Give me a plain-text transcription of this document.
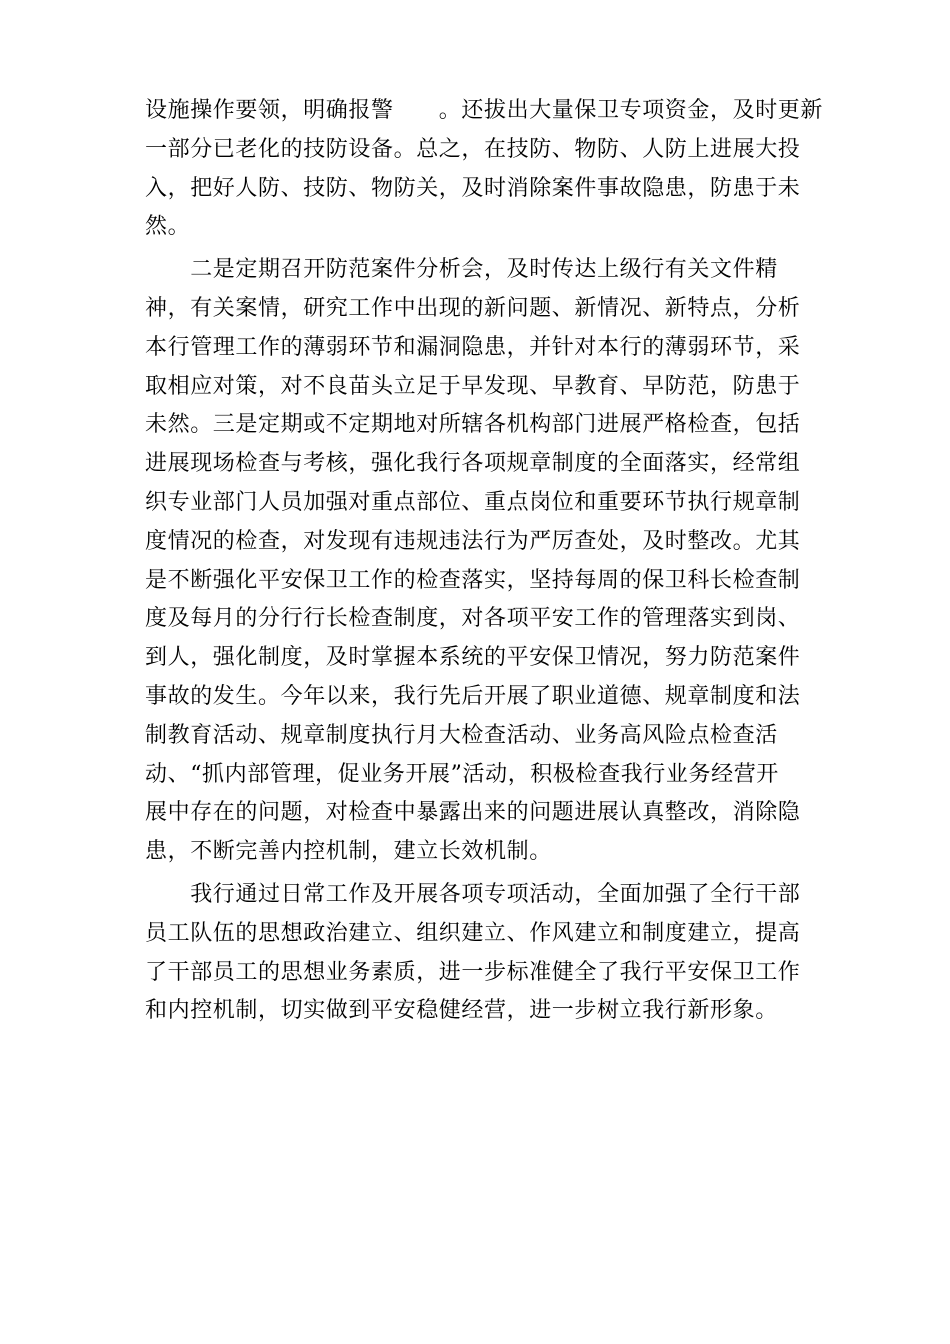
设施操作要领，明确报警　　。还拔出大量保卫专项资金，及时更新
一部分已老化的技防设备。总之，在技防、物防、人防上进展大投
入，把好人防、技防、物防关，及时消除案件事故隐患，防患于未
然。
　　二是定期召开防范案件分析会，及时传达上级行有关文件精
神，有关案情，研究工作中出现的新问题、新情况、新特点，分析
本行管理工作的薄弱环节和漏洞隐患，并针对本行的薄弱环节，采
取相应对策，对不良苗头立足于早发现、早教育、早防范，防患于
未然。三是定期或不定期地对所辖各机构部门进展严格检查，包括
进展现场检查与考核，强化我行各项规章制度的全面落实，经常组
织专业部门人员加强对重点部位、重点岗位和重要环节执行规章制
度情况的检查，对发现有违规违法行为严厉查处，及时整改。尤其
是不断强化平安保卫工作的检查落实，坚持每周的保卫科长检查制
度及每月的分行行长检查制度，对各项平安工作的管理落实到岗、
到人，强化制度，及时掌握本系统的平安保卫情况，努力防范案件
事故的发生。今年以来，我行先后开展了职业道德、规章制度和法
制教育活动、规章制度执行月大检查活动、业务高风险点检查活
动、“抓内部管理，促业务开展”活动，积极检查我行业务经营开
展中存在的问题，对检查中暴露出来的问题进展认真整改，消除隐
患，不断完善内控机制，建立长效机制。
　　我行通过日常工作及开展各项专项活动，全面加强了全行干部
员工队伍的思想政治建立、组织建立、作风建立和制度建立，提高
了干部员工的思想业务素质，进一步标准健全了我行平安保卫工作
和内控机制，切实做到平安稳健经营，进一步树立我行新形象。
